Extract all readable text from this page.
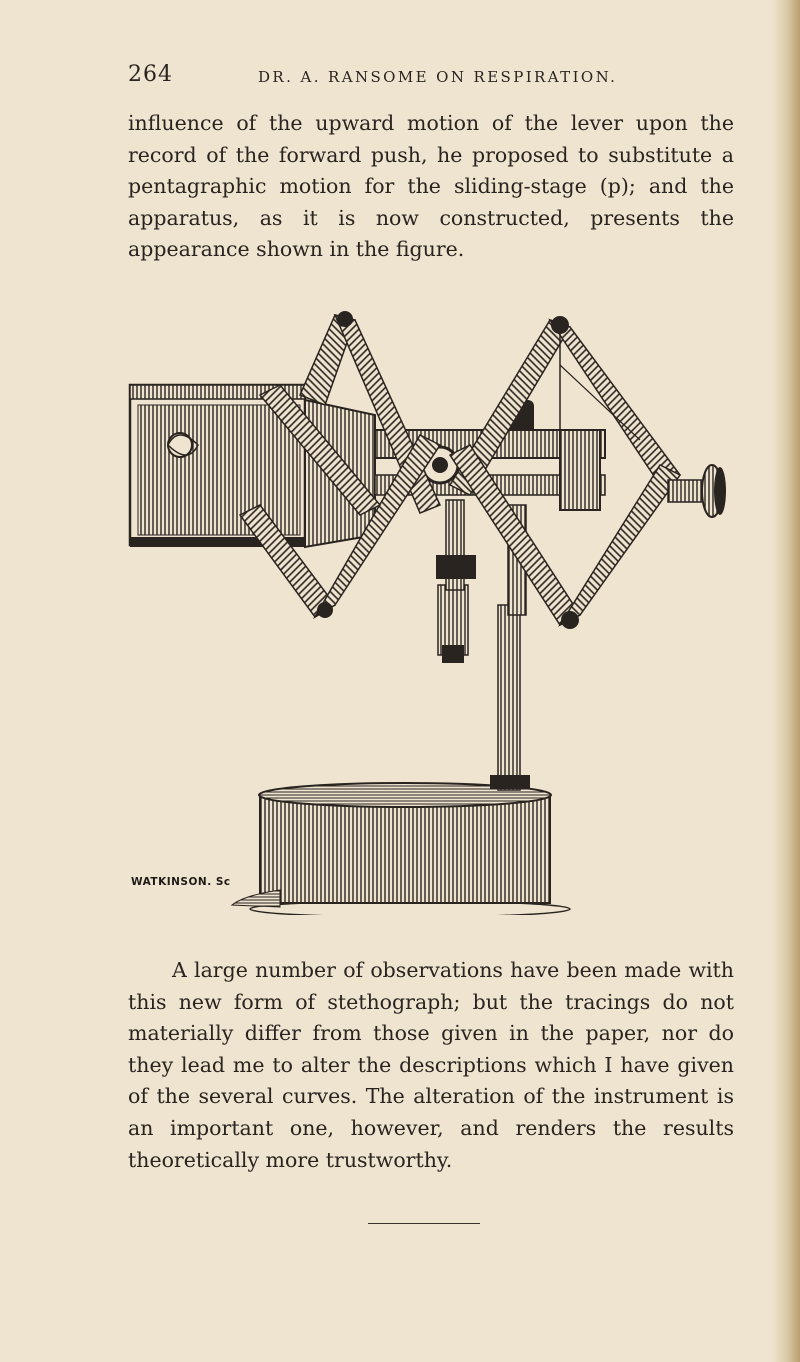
264	DR. A. RANSOME ON RESPIRATION.

influence of the upward motion of the lever upon the record of the forward push, he proposed to substitute a pentagraphic motion for the sliding-stage (p); and the apparatus, as it is now constructed, presents the appearance shown in the figure.

WATKINSON. Sc

A large number of observations have been made with this new form of stethograph; but the tracings do not materially differ from those given in the paper, nor do they lead me to alter the descriptions which I have given of the several curves. The alteration of the instrument is an important one, however, and renders the results theoretically more trustworthy.
